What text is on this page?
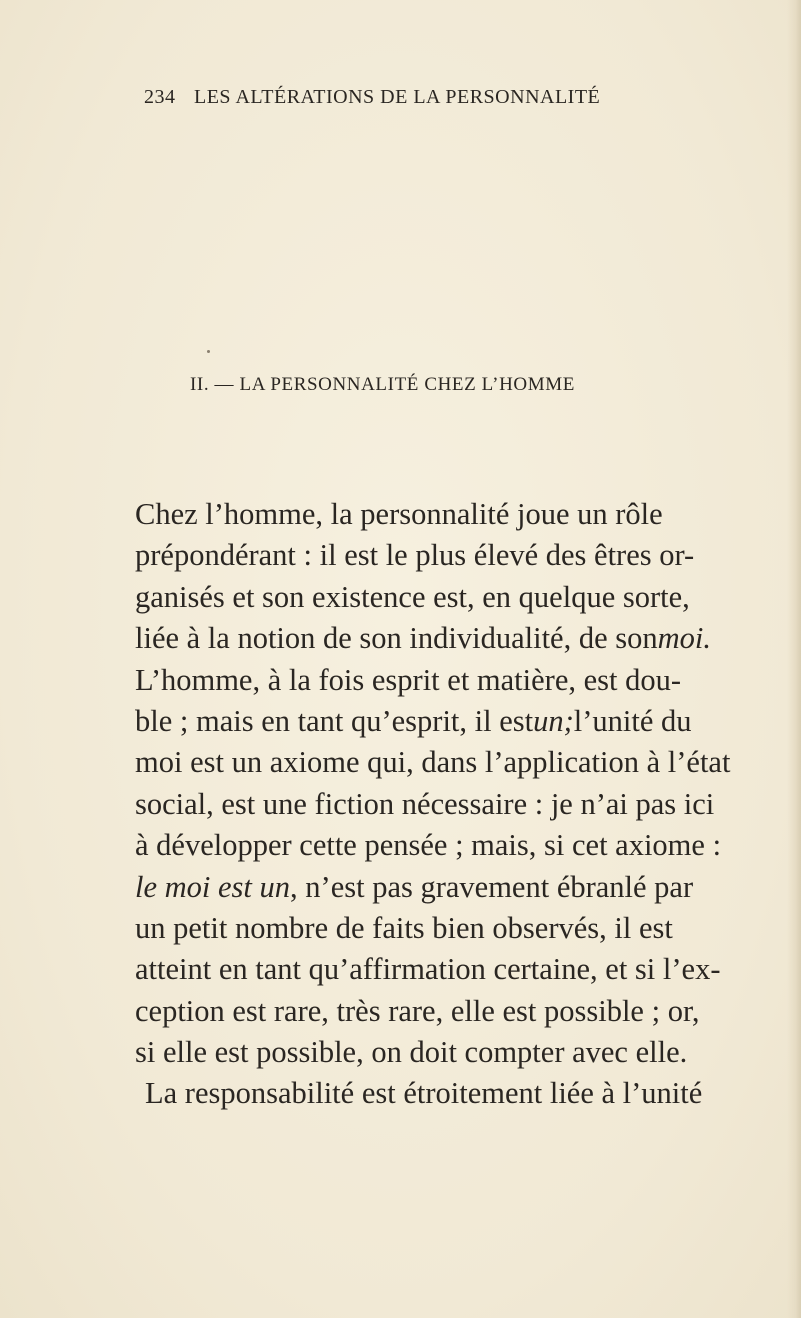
234 LES ALTÉRATIONS DE LA PERSONNALITÉ
II. — LA PERSONNALITÉ CHEZ L’HOMME
Chez l’homme, la personnalité joue un rôle
prépondérant : il est le plus élevé des êtres or-
ganisés et son existence est, en quelque sorte,
liée à la notion de son individualité, de son moi.
L’homme, à la fois esprit et matière, est dou-
ble ; mais en tant qu’esprit, il est un; l’unité du
moi est un axiome qui, dans l’application à l’état
social, est une fiction nécessaire : je n’ai pas ici
à développer cette pensée ; mais, si cet axiome :
le moi est un , n’est pas gravement ébranlé par
un petit nombre de faits bien observés, il est
atteint en tant qu’affirmation certaine, et si l’ex-
ception est rare, très rare, elle est possible ; or,
si elle est possible, on doit compter avec elle.
La responsabilité est étroitement liée à l’unité
